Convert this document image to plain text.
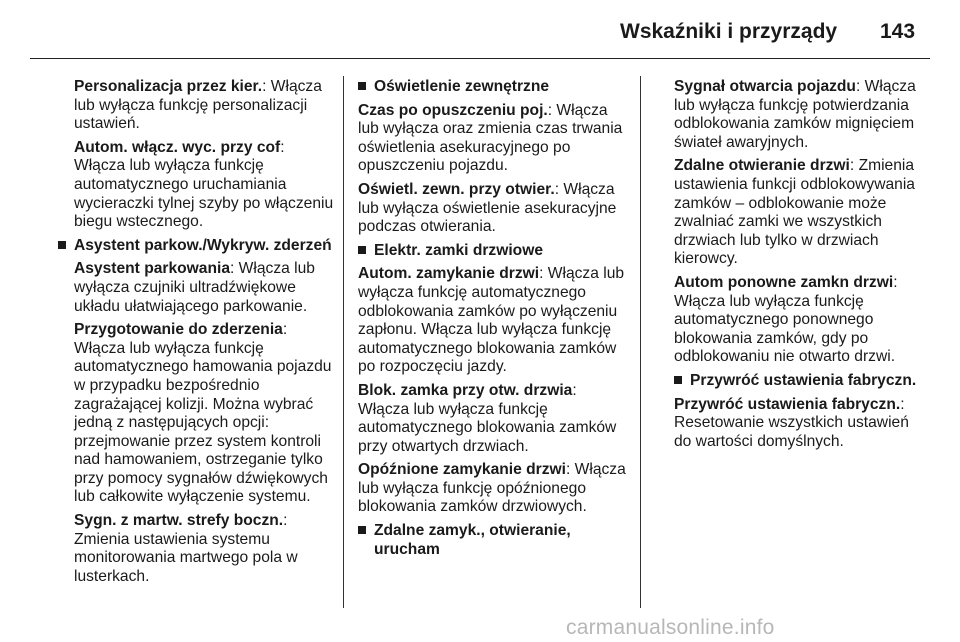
Wskaźniki i przyrządy 143

Personalizacja przez kier.: Włącza lub wyłącza funkcję personalizacji ustawień.

Autom. włącz. wyc. przy cof: Włącza lub wyłącza funkcję automatycznego uruchamiania wycieraczki tylnej szyby po włączeniu biegu wstecznego.

Asystent parkow./Wykryw. zderzeń

Asystent parkowania: Włącza lub wyłącza czujniki ultradźwiękowe układu ułatwiającego parkowanie.

Przygotowanie do zderzenia: Włącza lub wyłącza funkcję automatycznego hamowania pojazdu w przypadku bezpośrednio zagrażającej kolizji. Można wybrać jedną z następujących opcji: przejmowanie przez system kontroli nad hamowaniem, ostrzeganie tylko przy pomocy sygnałów dźwiękowych lub całkowite wyłączenie systemu.

Sygn. z martw. strefy boczn.: Zmienia ustawienia systemu monitorowania martwego pola w lusterkach.

Oświetlenie zewnętrzne

Czas po opuszczeniu poj.: Włącza lub wyłącza oraz zmienia czas trwania oświetlenia asekuracyjnego po opuszczeniu pojazdu.

Oświetl. zewn. przy otwier.: Włącza lub wyłącza oświetlenie asekuracyjne podczas otwierania.

Elektr. zamki drzwiowe

Autom. zamykanie drzwi: Włącza lub wyłącza funkcję automatycznego odblokowania zamków po wyłączeniu zapłonu. Włącza lub wyłącza funkcję automatycznego blokowania zamków po rozpoczęciu jazdy.

Blok. zamka przy otw. drzwia: Włącza lub wyłącza funkcję automatycznego blokowania zamków przy otwartych drzwiach.

Opóźnione zamykanie drzwi: Włącza lub wyłącza funkcję opóźnionego blokowania zamków drzwiowych.

Zdalne zamyk., otwieranie, urucham

Sygnał otwarcia pojazdu: Włącza lub wyłącza funkcję potwierdzania odblokowania zamków mignięciem świateł awaryjnych.

Zdalne otwieranie drzwi: Zmienia ustawienia funkcji odblokowywania zamków – odblokowanie może zwalniać zamki we wszystkich drzwiach lub tylko w drzwiach kierowcy.

Autom ponowne zamkn drzwi: Włącza lub wyłącza funkcję automatycznego ponownego blokowania zamków, gdy po odblokowaniu nie otwarto drzwi.

Przywróć ustawienia fabryczn.

Przywróć ustawienia fabryczn.: Resetowanie wszystkich ustawień do wartości domyślnych.

carmanualsonline.info
